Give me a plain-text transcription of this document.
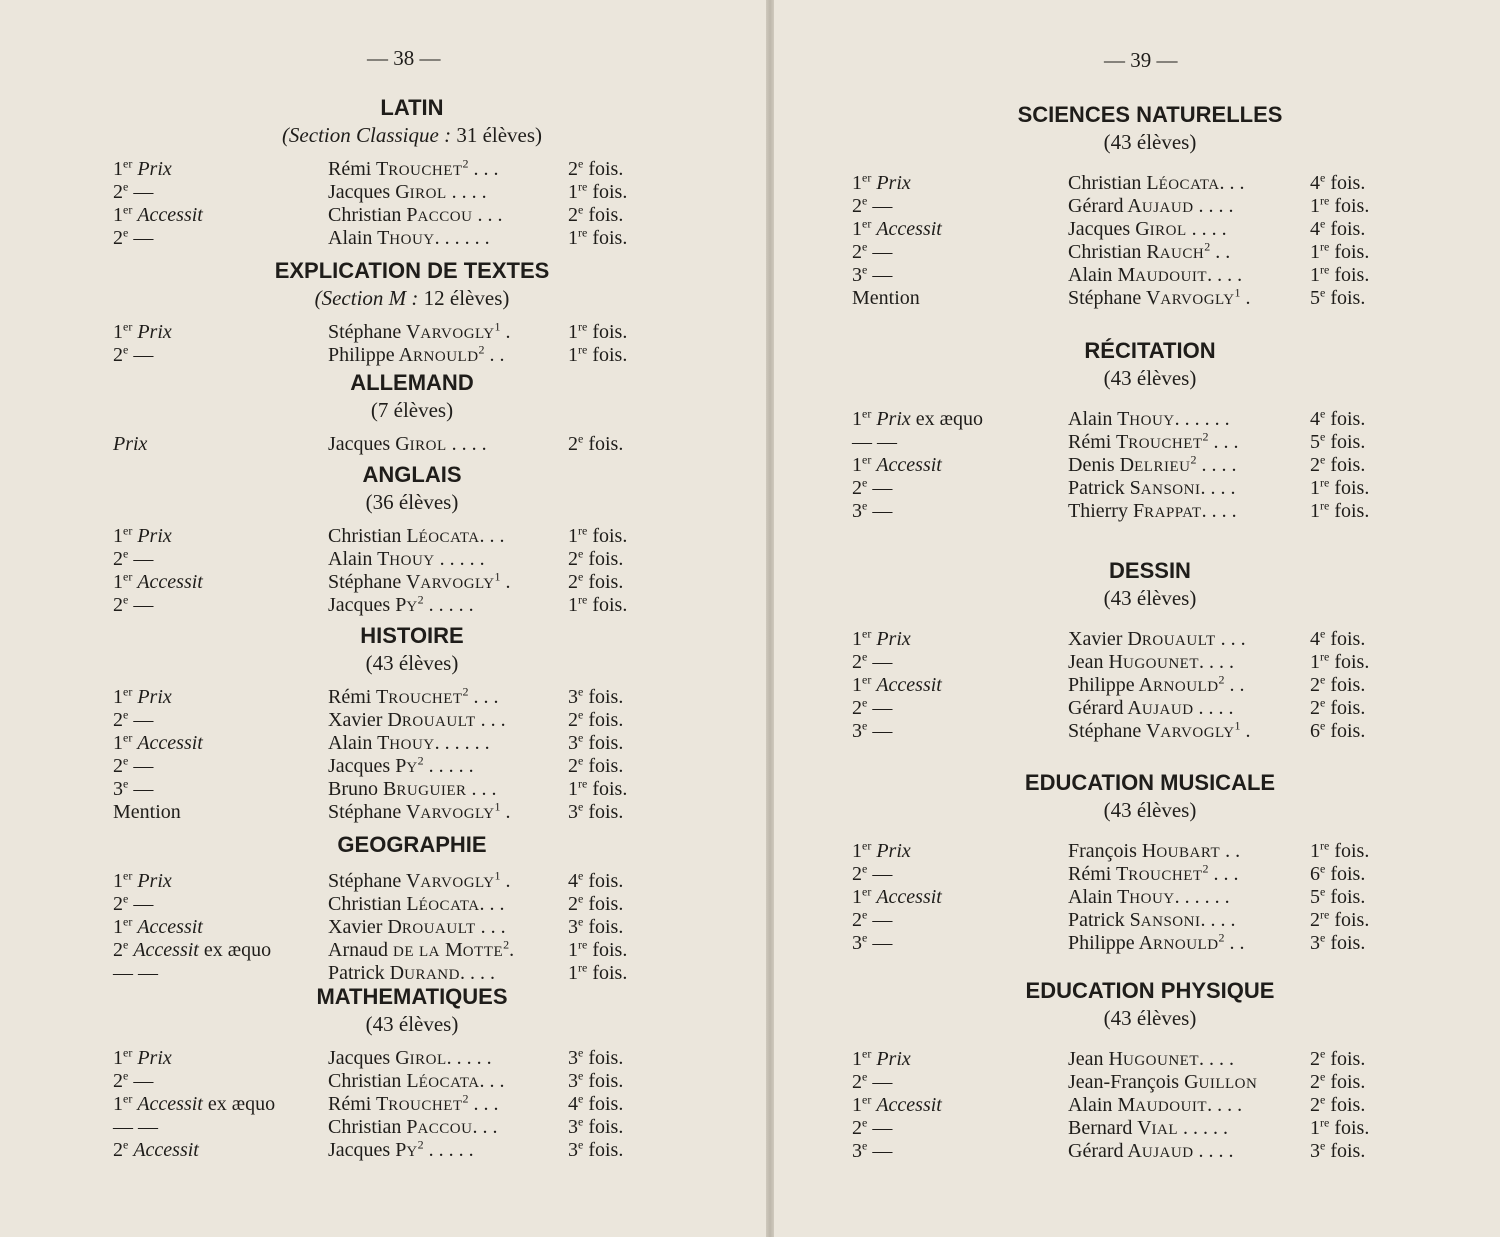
— 38 —
LATIN
(Section Classique : 31 élèves)
1er Prix	Rémi TROUCHET$^2$ . . .	2e fois.
2e —	Jacques GIROL . . . .	1re fois.
1er Accessit	Christian PACCOU . . .	2e fois.
2e —	Alain THOUY. . . . . .	1re fois.
EXPLICATION DE TEXTES
(Section M : 12 élèves)
1er Prix	Stéphane VARVOGLY$^1$ .	1re fois.
2e —	Philippe ARNOULD$^2$ . .	1re fois.
ALLEMAND
(7 élèves)
Prix	Jacques GIROL . . . .	2e fois.
ANGLAIS
(36 élèves)
1er Prix	Christian LÉOCATA. . .	1re fois.
2e —	Alain THOUY . . . . .	2e fois.
1er Accessit	Stéphane VARVOGLY$^1$ .	2e fois.
2e —	Jacques $PY^2$ . . . . .	1re fois.
HISTOIRE
(43 élèves)
1er Prix	Rémi TROUCHET$^2$ . . .	3e fois.
2e —	Xavier DROUAULT . . .	2e fois.
1er Accessit	Alain THOUY. . . . . .	3e fois.
2e —	Jacques $PY^2$ . . . . .	2e fois.
3e —	Bruno BRUGUIER . . .	1re fois.
Mention	Stéphane VARVOGLY$^1$ .	3e fois.
GEOGRAPHIE
1er Prix	Stéphane VARVOGLY$^1$ .	4e fois.
2e —	Christian LÉOCATA. . .	2e fois.
1er Accessit	Xavier DROUAULT . . .	3e fois.
2e Accessit ex æquo	Arnaud DE LA MOTTE$^2$.	1re fois.
— —	Patrick DURAND. . . .	1re fois.
MATHEMATIQUES
(43 élèves)
1er Prix	Jacques GIROL. . . . .	3e fois.
2e —	Christian LÉOCATA. . .	3e fois.
1er Accessit ex æquo	Rémi TROUCHET$^2$ . . .	4e fois.
— —	Christian PACCOU. . .	3e fois.
2e Accessit	Jacques $PY^2$ . . . . .	3e fois.
— 39 —
SCIENCES NATURELLES
(43 élèves)
1er Prix	Christian LÉOCATA. . .	4e fois.
2e —	Gérard AUJAUD . . . .	1re fois.
1er Accessit	Jacques GIROL . . . .	4e fois.
2e —	Christian RAUCH$^2$ . .	1re fois.
3e —	Alain MAUDOUIT. . . .	1re fois.
Mention	Stéphane VARVOGLY$^1$ .	5e fois.
RÉCITATION
(43 élèves)
1er Prix ex æquo	Alain THOUY. . . . . .	4e fois.
— —	Rémi TROUCHET$^2$ . . .	5e fois.
1er Accessit	Denis DELRIEU$^2$ . . . .	2e fois.
2e —	Patrick SANSONI. . . .	1re fois.
3e —	Thierry FRAPPAT. . . .	1re fois.
DESSIN
(43 élèves)
1er Prix	Xavier DROUAULT . . .	4e fois.
2e —	Jean HUGOUNET. . . .	1re fois.
1er Accessit	Philippe ARNOULD$^2$ . .	2e fois.
2e —	Gérard AUJAUD . . . .	2e fois.
3e —	Stéphane VARVOGLY$^1$ .	6e fois.
EDUCATION MUSICALE
(43 élèves)
1er Prix	François HOUBART . .	1re fois.
2e —	Rémi TROUCHET$^2$ . . .	6e fois.
1er Accessit	Alain THOUY. . . . . .	5e fois.
2e —	Patrick SANSONI. . . .	2re fois.
3e —	Philippe ARNOULD$^2$ . .	3e fois.
EDUCATION PHYSIQUE
(43 élèves)
1er Prix	Jean HUGOUNET. . . .	2e fois.
2e —	Jean-François GUILLON	2e fois.
1er Accessit	Alain MAUDOUIT. . . .	2e fois.
2e —	Bernard VIAL . . . . .	1re fois.
3e —	Gérard AUJAUD . . . .	3e fois.
